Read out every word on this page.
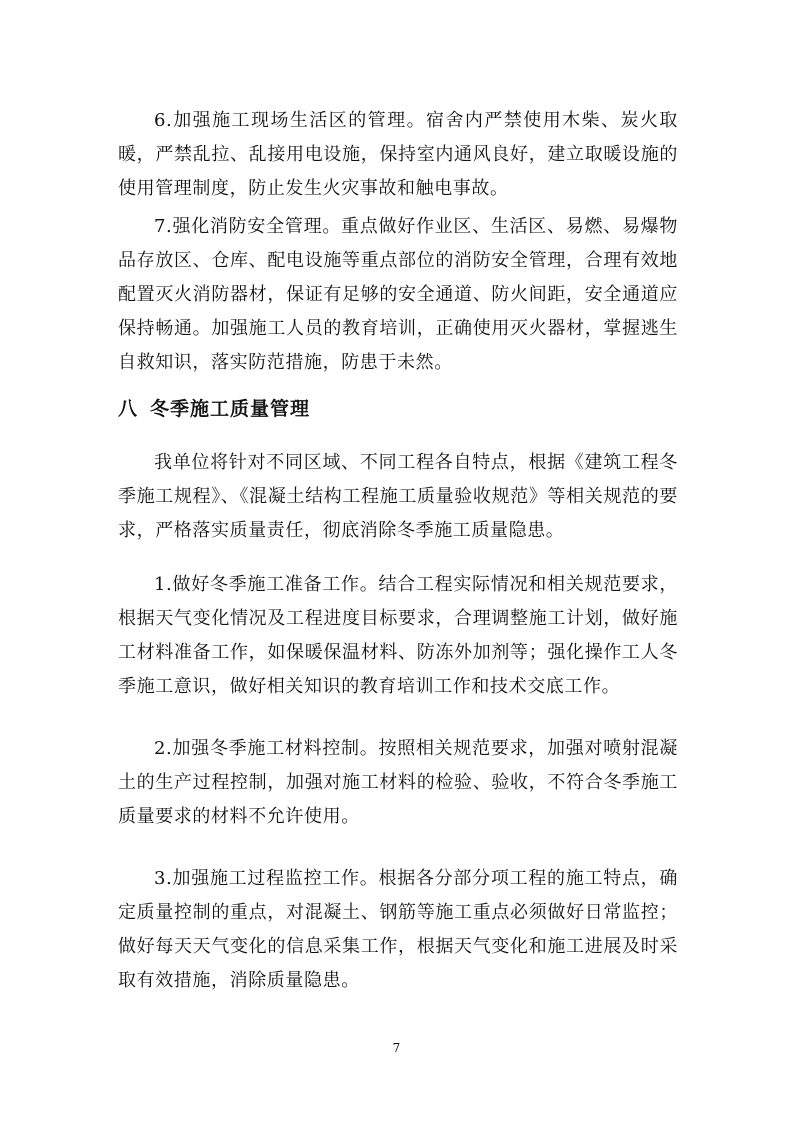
6.加强施工现场生活区的管理。宿舍内严禁使用木柴、炭火取暖，严禁乱拉、乱接用电设施，保持室内通风良好，建立取暖设施的使用管理制度，防止发生火灾事故和触电事故。

7.强化消防安全管理。重点做好作业区、生活区、易燃、易爆物品存放区、仓库、配电设施等重点部位的消防安全管理，合理有效地配置灭火消防器材，保证有足够的安全通道、防火间距，安全通道应保持畅通。加强施工人员的教育培训，正确使用灭火器材，掌握逃生自救知识，落实防范措施，防患于未然。

八 冬季施工质量管理

我单位将针对不同区域、不同工程各自特点，根据《建筑工程冬季施工规程》、《混凝土结构工程施工质量验收规范》等相关规范的要求，严格落实质量责任，彻底消除冬季施工质量隐患。

1.做好冬季施工准备工作。结合工程实际情况和相关规范要求，根据天气变化情况及工程进度目标要求，合理调整施工计划，做好施工材料准备工作，如保暖保温材料、防冻外加剂等；强化操作工人冬季施工意识，做好相关知识的教育培训工作和技术交底工作。

2.加强冬季施工材料控制。按照相关规范要求，加强对喷射混凝土的生产过程控制，加强对施工材料的检验、验收，不符合冬季施工质量要求的材料不允许使用。

3.加强施工过程监控工作。根据各分部分项工程的施工特点，确定质量控制的重点，对混凝土、钢筋等施工重点必须做好日常监控；做好每天天气变化的信息采集工作，根据天气变化和施工进展及时采取有效措施，消除质量隐患。

7
